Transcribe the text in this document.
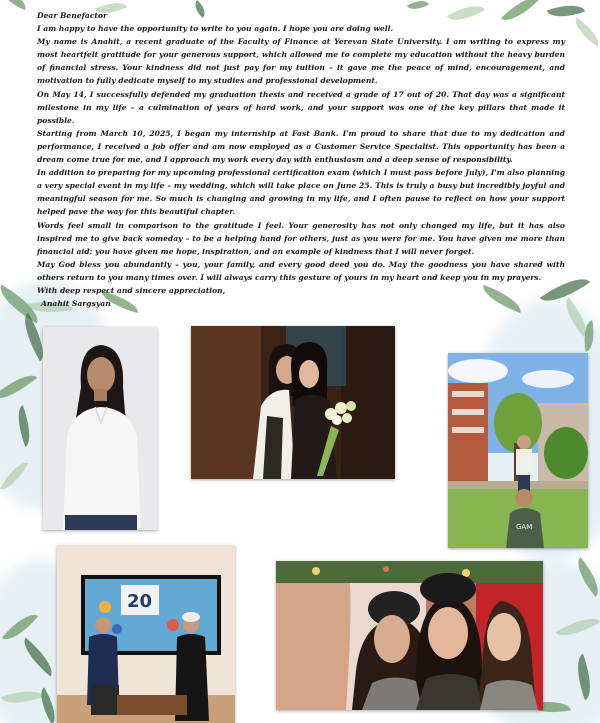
Dear Benefactor

I am happy to have the opportunity to write to you again. I hope you are doing well.

My name is Anahit, a recent graduate of the Faculty of Finance at Yerevan State University. I am writing to express my most heartfelt gratitude for your generous support, which allowed me to complete my education without the heavy burden of financial stress. Your kindness did not just pay for my tuition – it gave me the peace of mind, encouragement, and motivation to fully dedicate myself to my studies and professional development.

On May 14, I successfully defended my graduation thesis and received a grade of 17 out of 20. That day was a significant milestone in my life – a culmination of years of hard work, and your support was one of the key pillars that made it possible.

Starting from March 10, 2025, I began my internship at Fast Bank. I'm proud to share that due to my dedication and performance, I received a job offer and am now employed as a Customer Service Specialist. This opportunity has been a dream come true for me, and I approach my work every day with enthusiasm and a deep sense of responsibility.

In addition to preparing for my upcoming professional certification exam (which I must pass before July), I'm also planning a very special event in my life – my wedding, which will take place on June 25. This is truly a busy but incredibly joyful and meaningful season for me. So much is changing and growing in my life, and I often pause to reflect on how your support helped pave the way for this beautiful chapter.

Words feel small in comparison to the gratitude I feel. Your generosity has not only changed my life, but it has also inspired me to give back someday – to be a helping hand for others, just as you were for me. You have given me more than financial aid; you have given me hope, inspiration, and an example of kindness that I will never forget.

May God bless you abundantly – you, your family, and every good deed you do. May the goodness you have shared with others return to you many times over. I will always carry this gesture of yours in my heart and keep you in my prayers.

With deep respect and sincere appreciation,

Anahit Sargsyan

GAM
20
